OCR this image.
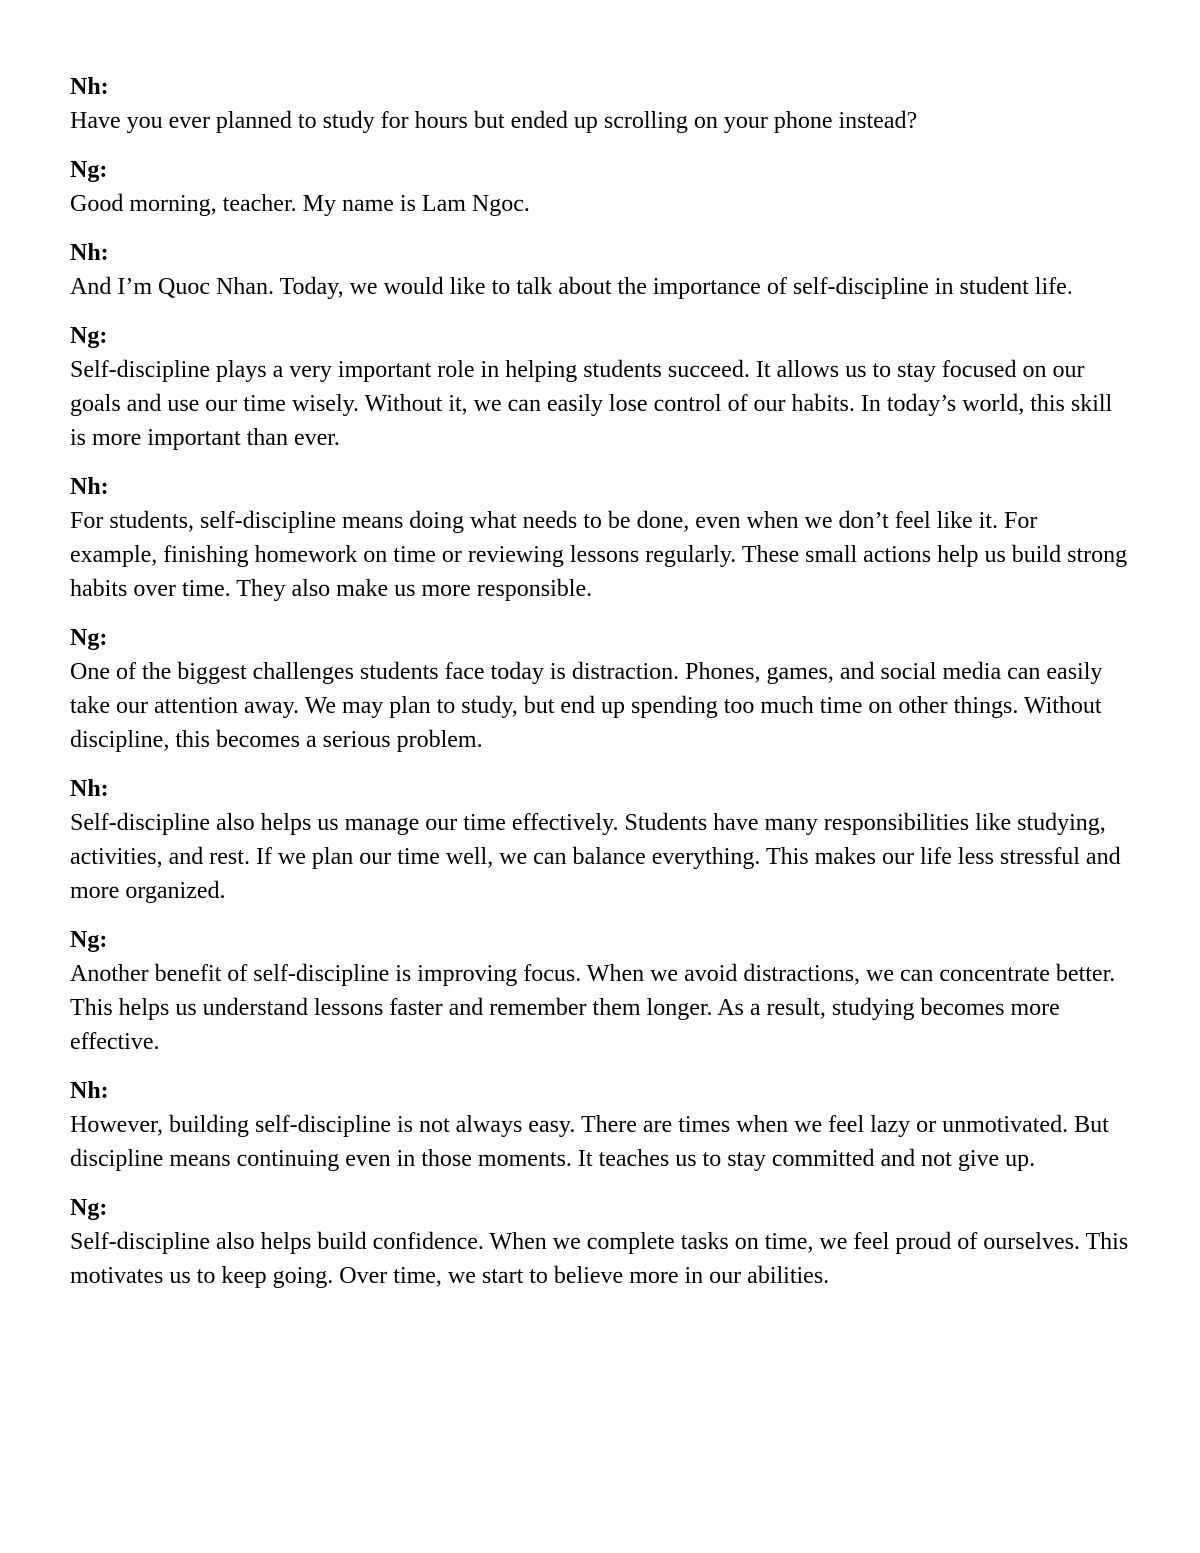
Nh:
Have you ever planned to study for hours but ended up scrolling on your phone instead?
Ng:
Good morning, teacher. My name is Lam Ngoc.
Nh:
And I’m Quoc Nhan. Today, we would like to talk about the importance of self-discipline in student life.
Ng:
Self-discipline plays a very important role in helping students succeed. It allows us to stay focused on our goals and use our time wisely. Without it, we can easily lose control of our habits. In today’s world, this skill is more important than ever.
Nh:
For students, self-discipline means doing what needs to be done, even when we don’t feel like it. For example, finishing homework on time or reviewing lessons regularly. These small actions help us build strong habits over time. They also make us more responsible.
Ng:
One of the biggest challenges students face today is distraction. Phones, games, and social media can easily take our attention away. We may plan to study, but end up spending too much time on other things. Without discipline, this becomes a serious problem.
Nh:
Self-discipline also helps us manage our time effectively. Students have many responsibilities like studying, activities, and rest. If we plan our time well, we can balance everything. This makes our life less stressful and more organized.
Ng:
Another benefit of self-discipline is improving focus. When we avoid distractions, we can concentrate better. This helps us understand lessons faster and remember them longer. As a result, studying becomes more effective.
Nh:
However, building self-discipline is not always easy. There are times when we feel lazy or unmotivated. But discipline means continuing even in those moments. It teaches us to stay committed and not give up.
Ng:
Self-discipline also helps build confidence. When we complete tasks on time, we feel proud of ourselves. This motivates us to keep going. Over time, we start to believe more in our abilities.
